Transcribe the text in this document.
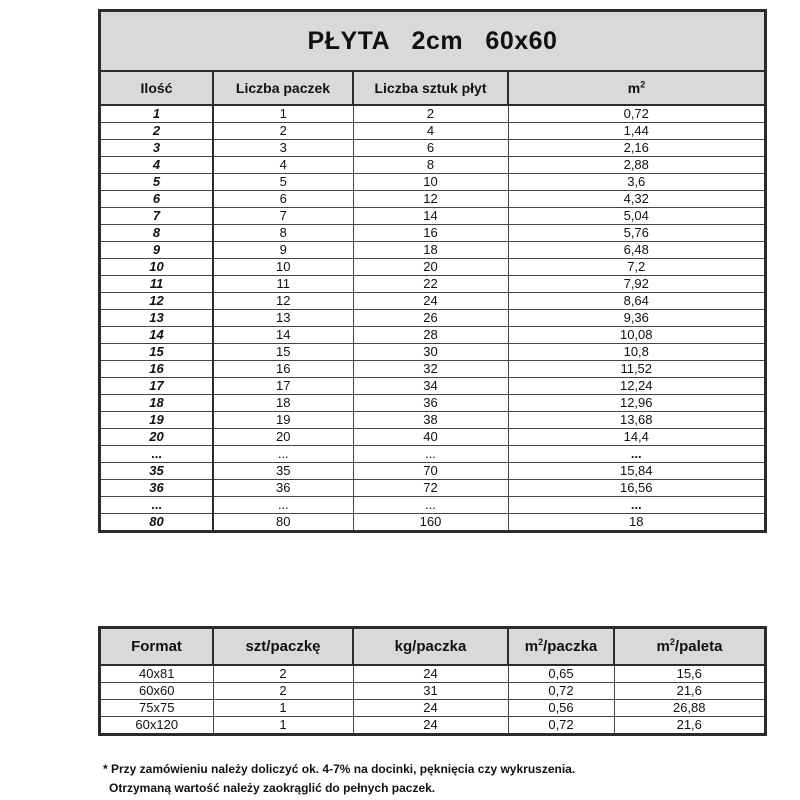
PŁYTA   2cm   60x60
Ilość	Liczba paczek	Liczba sztuk płyt	$m^2$
1	1	2	0,72
2	2	4	1,44
3	3	6	2,16
4	4	8	2,88
5	5	10	3,6
6	6	12	4,32
7	7	14	5,04
8	8	16	5,76
9	9	18	6,48
10	10	20	7,2
11	11	22	7,92
12	12	24	8,64
13	13	26	9,36
14	14	28	10,08
15	15	30	10,8
16	16	32	11,52
17	17	34	12,24
18	18	36	12,96
19	19	38	13,68
20	20	40	14,4
...	...	...	...
35	35	70	15,84
36	36	72	16,56
...	...	...	...
80	80	160	18
Format	szt/paczkę	kg/paczka	$m^2$/paczka	$m^2$/paleta
40x81	2	24	0,65	15,6
60x60	2	31	0,72	21,6
75x75	1	24	0,56	26,88
60x120	1	24	0,72	21,6
* Przy zamówieniu należy doliczyć ok. 4-7% na docinki, pęknięcia czy wykruszenia.
Otrzymaną wartość należy zaokrąglić do pełnych paczek.
